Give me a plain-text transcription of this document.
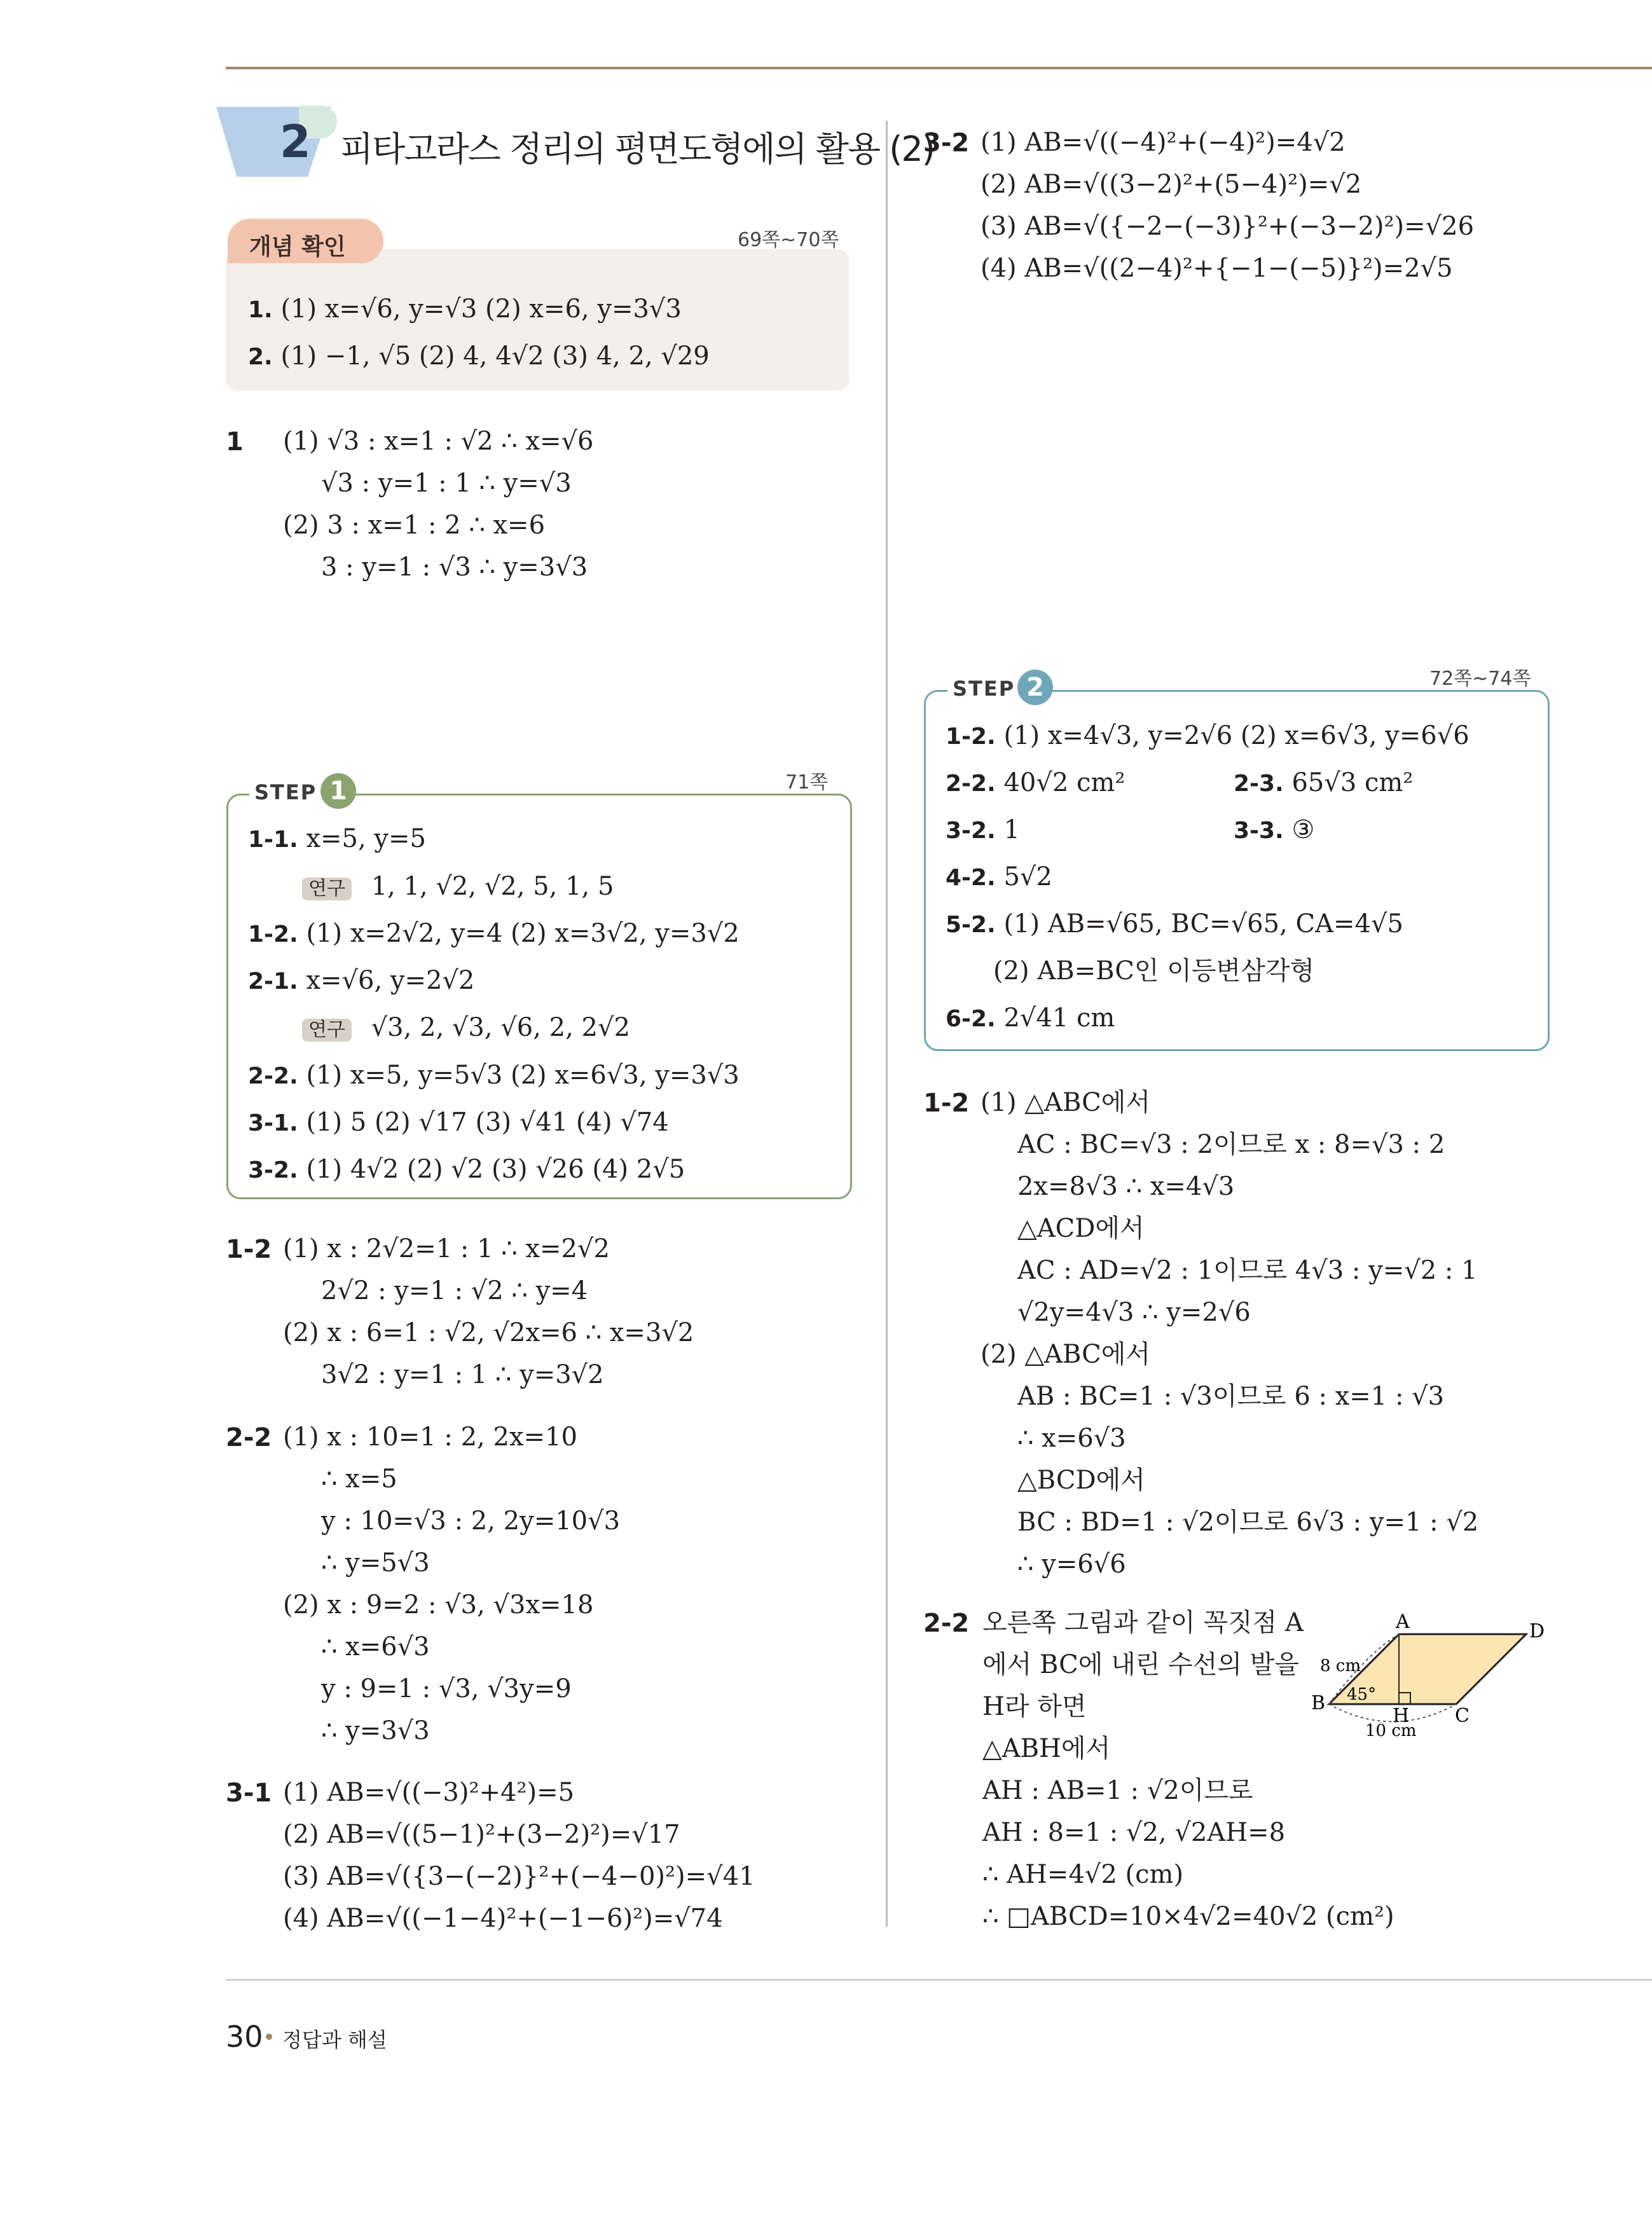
2 피타고라스 정리의 평면도형에의 활용 (2)
개념 확인	69쪽~70쪽
1. (1) x=√6, y=√3 (2) x=6, y=3√3
2. (1) −1, √5 (2) 4, 4√2 (3) 4, 2, √29
1 (1) √3 : x=1 : √2 ∴ x=√6
√3 : y=1 : 1 ∴ y=√3
(2) 3 : x=1 : 2 ∴ x=6
3 : y=1 : √3 ∴ y=3√3
STEP 1	71쪽
1-1. x=5, y=5
연구 1, 1, √2, √2, 5, 1, 5
1-2. (1) x=2√2, y=4 (2) x=3√2, y=3√2
2-1. x=√6, y=2√2
연구 √3, 2, √3, √6, 2, 2√2
2-2. (1) x=5, y=5√3 (2) x=6√3, y=3√3
3-1. (1) 5 (2) √17 (3) √41 (4) √74
3-2. (1) 4√2 (2) √2 (3) √26 (4) 2√5
1-2 (1) x : 2√2=1 : 1 ∴ x=2√2
2√2 : y=1 : √2 ∴ y=4
(2) x : 6=1 : √2, √2x=6 ∴ x=3√2
3√2 : y=1 : 1 ∴ y=3√2
2-2 (1) x : 10=1 : 2, 2x=10
∴ x=5
y : 10=√3 : 2, 2y=10√3
∴ y=5√3
(2) x : 9=2 : √3, √3x=18
∴ x=6√3
y : 9=1 : √3, √3y=9
∴ y=3√3
3-1 (1) AB=√((−3)²+4²)=5
(2) AB=√((5−1)²+(3−2)²)=√17
(3) AB=√({3−(−2)}²+(−4−0)²)=√41
(4) AB=√((−1−4)²+(−1−6)²)=√74
3-2 (1) AB=√((−4)²+(−4)²)=4√2
(2) AB=√((3−2)²+(5−4)²)=√2
(3) AB=√({−2−(−3)}²+(−3−2)²)=√26
(4) AB=√((2−4)²+{−1−(−5)}²)=2√5
STEP 2	72쪽~74쪽
1-2. (1) x=4√3, y=2√6 (2) x=6√3, y=6√6
2-2. 40√2 cm²	2-3. 65√3 cm²
3-2. 1	3-3. ③
4-2. 5√2
5-2. (1) AB=√65, BC=√65, CA=4√5
(2) AB=BC인 이등변삼각형
6-2. 2√41 cm
1-2 (1) △ABC에서
AC : BC=√3 : 2이므로 x : 8=√3 : 2
2x=8√3 ∴ x=4√3
△ACD에서
AC : AD=√2 : 1이므로 4√3 : y=√2 : 1
√2y=4√3 ∴ y=2√6
(2) △ABC에서
AB : BC=1 : √3이므로 6 : x=1 : √3
∴ x=6√3
△BCD에서
BC : BD=1 : √2이므로 6√3 : y=1 : √2
∴ y=6√6
2-2 오른쪽 그림과 같이 꼭짓점 A
에서 BC에 내린 수선의 발을
H라 하면
△ABH에서
AH : AB=1 : √2이므로
AH : 8=1 : √2, √2AH=8
∴ AH=4√2 (cm)
∴ □ABCD=10×4√2=40√2 (cm²)
A	D
B
C
H
8 cm
45°
10 cm
30 정답과 해설
